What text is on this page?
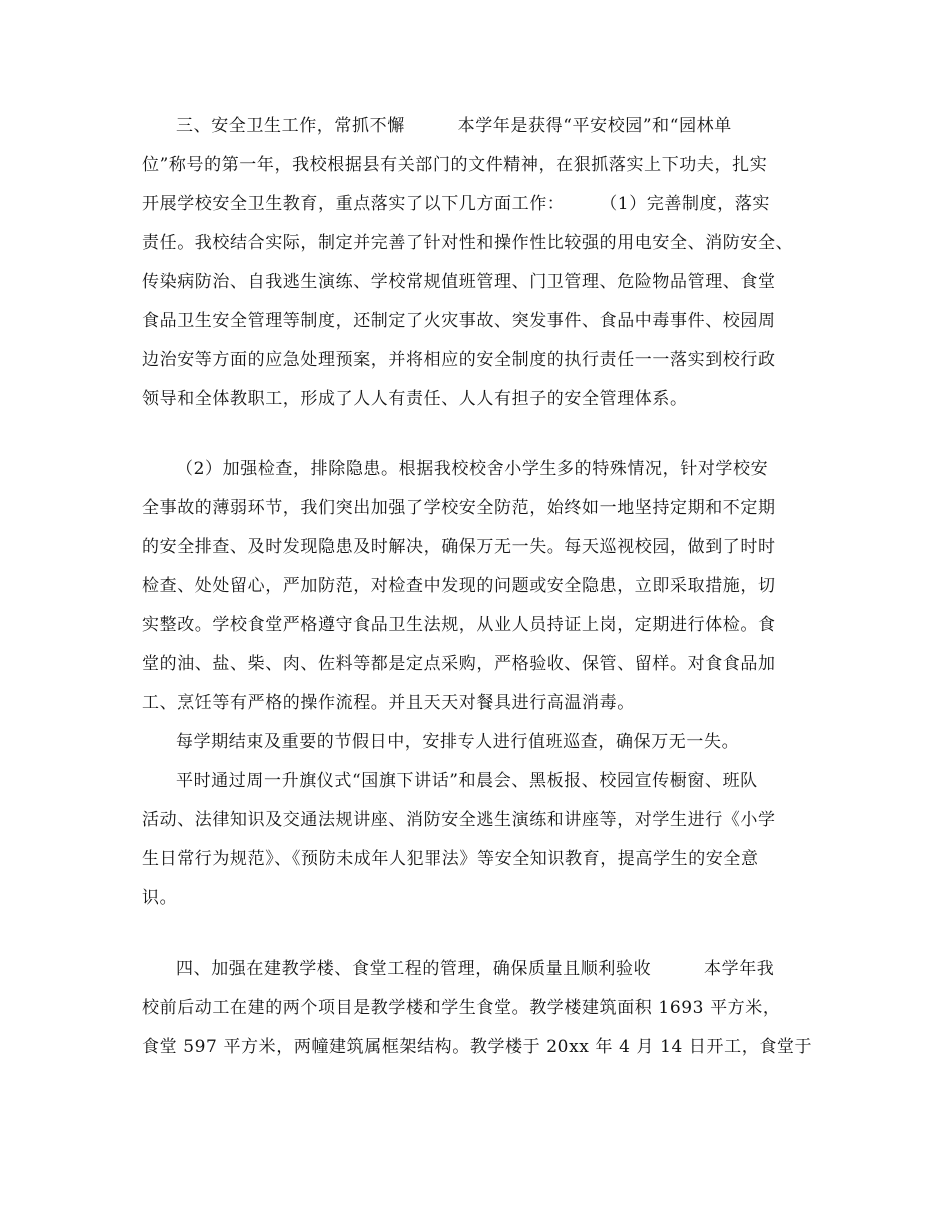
三、安全卫生工作，常抓不懈　　　本学年是获得“平安校园”和“园林单
位”称号的第一年，我校根据县有关部门的文件精神，在狠抓落实上下功夫，扎实
开展学校安全卫生教育，重点落实了以下几方面工作：　　　（1）完善制度，落实
责任。我校结合实际，制定并完善了针对性和操作性比较强的用电安全、消防安全、
传染病防治、自我逃生演练、学校常规值班管理、门卫管理、危险物品管理、食堂
食品卫生安全管理等制度，还制定了火灾事故、突发事件、食品中毒事件、校园周
边治安等方面的应急处理预案，并将相应的安全制度的执行责任一一落实到校行政
领导和全体教职工，形成了人人有责任、人人有担子的安全管理体系。
（2）加强检查，排除隐患。根据我校校舍小学生多的特殊情况，针对学校安
全事故的薄弱环节，我们突出加强了学校安全防范，始终如一地坚持定期和不定期
的安全排查、及时发现隐患及时解决，确保万无一失。每天巡视校园，做到了时时
检查、处处留心，严加防范，对检查中发现的问题或安全隐患，立即采取措施，切
实整改。学校食堂严格遵守食品卫生法规，从业人员持证上岗，定期进行体检。食
堂的油、盐、柴、肉、佐料等都是定点采购，严格验收、保管、留样。对食食品加
工、烹饪等有严格的操作流程。并且天天对餐具进行高温消毒。
每学期结束及重要的节假日中，安排专人进行值班巡查，确保万无一失。
平时通过周一升旗仪式“国旗下讲话”和晨会、黑板报、校园宣传橱窗、班队
活动、法律知识及交通法规讲座、消防安全逃生演练和讲座等，对学生进行《小学
生日常行为规范》、《预防未成年人犯罪法》等安全知识教育，提高学生的安全意
识。
四、加强在建教学楼、食堂工程的管理，确保质量且顺利验收　　　本学年我
校前后动工在建的两个项目是教学楼和学生食堂。教学楼建筑面积 1693 平方米，
食堂 597 平方米，两幢建筑属框架结构。教学楼于 20xx 年 4 月 14 日开工，食堂于
